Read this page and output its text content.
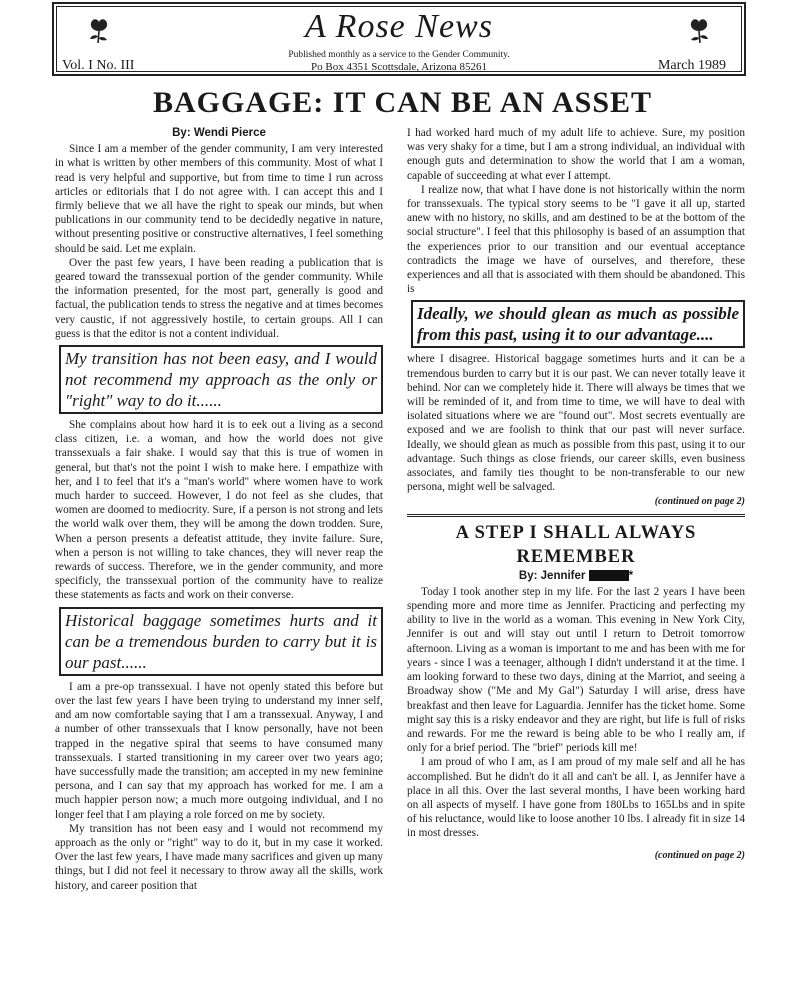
A Rose News
Published monthly as a service to the Gender Community.
Vol. I No. III	Po Box 4351 Scottsdale, Arizona 85261	March 1989
BAGGAGE: IT CAN BE AN ASSET
By: Wendi Pierce

Since I am a member of the gender community, I am very interested in what is written by other members of this community. Most of what I read is very helpful and supportive, but from time to time I run across articles or editorials that I do not agree with. I can accept this and I firmly believe that we all have the right to speak our minds, but when publications in our community tend to be decidedly negative in nature, without presenting positive or constructive alternatives, I feel something should be said. Let me explain.

Over the past few years, I have been reading a publication that is geared toward the transsexual portion of the gender community. While the information presented, for the most part, generally is good and factual, the publication tends to stress the negative and at times becomes very caustic, if not aggressively hostile, to certain groups. All I can guess is that the editor is not a content individual.

My transition has not been easy, and I would not recommend my approach as the only or "right" way to do it......

She complains about how hard it is to eek out a living as a second class citizen, i.e. a woman, and how the world does not give transsexuals a fair shake. I would say that this is true of women in general, but that's not the point I wish to make here. I empathize with her, and I to feel that it's a "man's world" where women have to work much harder to succeed. However, I do not feel as she cludes, that women are doomed to mediocrity. Sure, if a person is not strong and lets the world walk over them, they will be among the down trodden. Sure, When a person presents a defeatist attitude, they invite failure. Sure, when a person is not willing to take chances, they will never reap the rewards of success. Therefore, we in the gender community, and more specificly, the transsexual portion of the community have to realize these statements as facts and work on their converse.

Historical baggage sometimes hurts and it can be a tremendous burden to carry but it is our past......

I am a pre-op transsexual. I have not openly stated this before but over the last few years I have been trying to understand my inner self, and am now comfortable saying that I am a transsexual. Anyway, I and a number of other transsexuals that I know personally, have not been trapped in the negative spiral that seems to have consumed many transsexuals. I started transitioning in my career over two years ago; have successfully made the transition; am accepted in my new feminine persona, and I can say that my approach has worked for me. I am a much happier person now; a much more outgoing individual, and I no longer feel that I am playing a role forced on me by society.

My transition has not been easy and I would not recommend my approach as the only or "right" way to do it, but in my case it worked. Over the last few years, I have made many sacrifices and given up many things, but I did not feel it necessary to throw away all the skills, work history, and career position that

I had worked hard much of my adult life to achieve. Sure, my position was very shaky for a time, but I am a strong individual, an individual with enough guts and determination to show the world that I am a woman, capable of succeeding at what ever I attempt.

I realize now, that what I have done is not historically within the norm for transsexuals. The typical story seems to be "I gave it all up, started anew with no history, no skills, and am destined to be at the bottom of the social structure". I feel that this philosophy is based of an assumption that the experiences prior to our transition and our eventual acceptance contradicts the image we have of ourselves, and therefore, these experiences and all that is associated with them should be abandoned. This is

Ideally, we should glean as much as possible from this past, using it to our advantage....

where I disagree. Historical baggage sometimes hurts and it can be a tremendous burden to carry but it is our past. We can never totally leave it behind. Nor can we completely hide it. There will always be times that we will be reminded of it, and from time to time, we will have to deal with isolated situations where we are "found out". Most secrets eventually are exposed and we are foolish to think that our past will never surface. Ideally, we should glean as much as possible from this past, using it to our advantage. Such things as close friends, our career skills, even business associates, and family ties thought to be non-transferable to our new persona, might well be salvaged.

(continued on page 2)
A STEP I SHALL ALWAYS
REMEMBER
By: Jennifer	*

Today I took another step in my life. For the last 2 years I have been spending more and more time as Jennifer. Practicing and perfecting my ability to live in the world as a woman. This evening in New York City, Jennifer is out and will stay out until I return to Detroit tomorrow afternoon. Living as a woman is important to me and has been with me for years - since I was a teenager, although I didn't understand it at the time. I am looking forward to these two days, dining at the Marriot, and seeing a Broadway show ("Me and My Gal") Saturday I will arise, dress have breakfast and then leave for Laguardia. Jennifer has the ticket home. Some might say this is a risky endeavor and they are right, but life is full of risks and rewards. For me the reward is being able to be who I really am, if only for a brief period. The "brief" periods kill me!

I am proud of who I am, as I am proud of my male self and all he has accomplished. But he didn't do it all and can't be all. I, as Jennifer have a place in all this. Over the last several months, I have been working hard on all aspects of myself. I have gone from 180Lbs to 165Lbs and in spite of his reluctance, would like to loose another 10 lbs. I already fit in size 14 in most dresses.

(continued on page 2)
